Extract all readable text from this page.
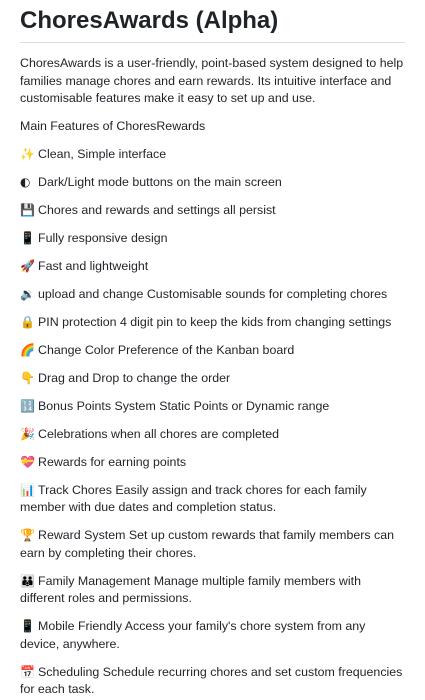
ChoresAwards (Alpha)

ChoresAwards is a user-friendly, point-based system designed to help families manage chores and earn rewards. Its intuitive interface and customisable features make it easy to set up and use.

Main Features of ChoresRewards

✨ Clean, Simple interface

◐ Dark/Light mode buttons on the main screen

💾 Chores and rewards and settings all persist

📱 Fully responsive design

🚀 Fast and lightweight

🔉 upload and change Customisable sounds for completing chores

🔒 PIN protection 4 digit pin to keep the kids from changing settings

🌈 Change Color Preference of the Kanban board

👇 Drag and Drop to change the order

🔢 Bonus Points System Static Points or Dynamic range

🎉 Celebrations when all chores are completed

💝 Rewards for earning points

📊 Track Chores Easily assign and track chores for each family member with due dates and completion status.

🏆 Reward System Set up custom rewards that family members can earn by completing their chores.

👪 Family Management Manage multiple family members with different roles and permissions.

📱 Mobile Friendly Access your family's chore system from any device, anywhere.

📅 Scheduling Schedule recurring chores and set custom frequencies for each task.
